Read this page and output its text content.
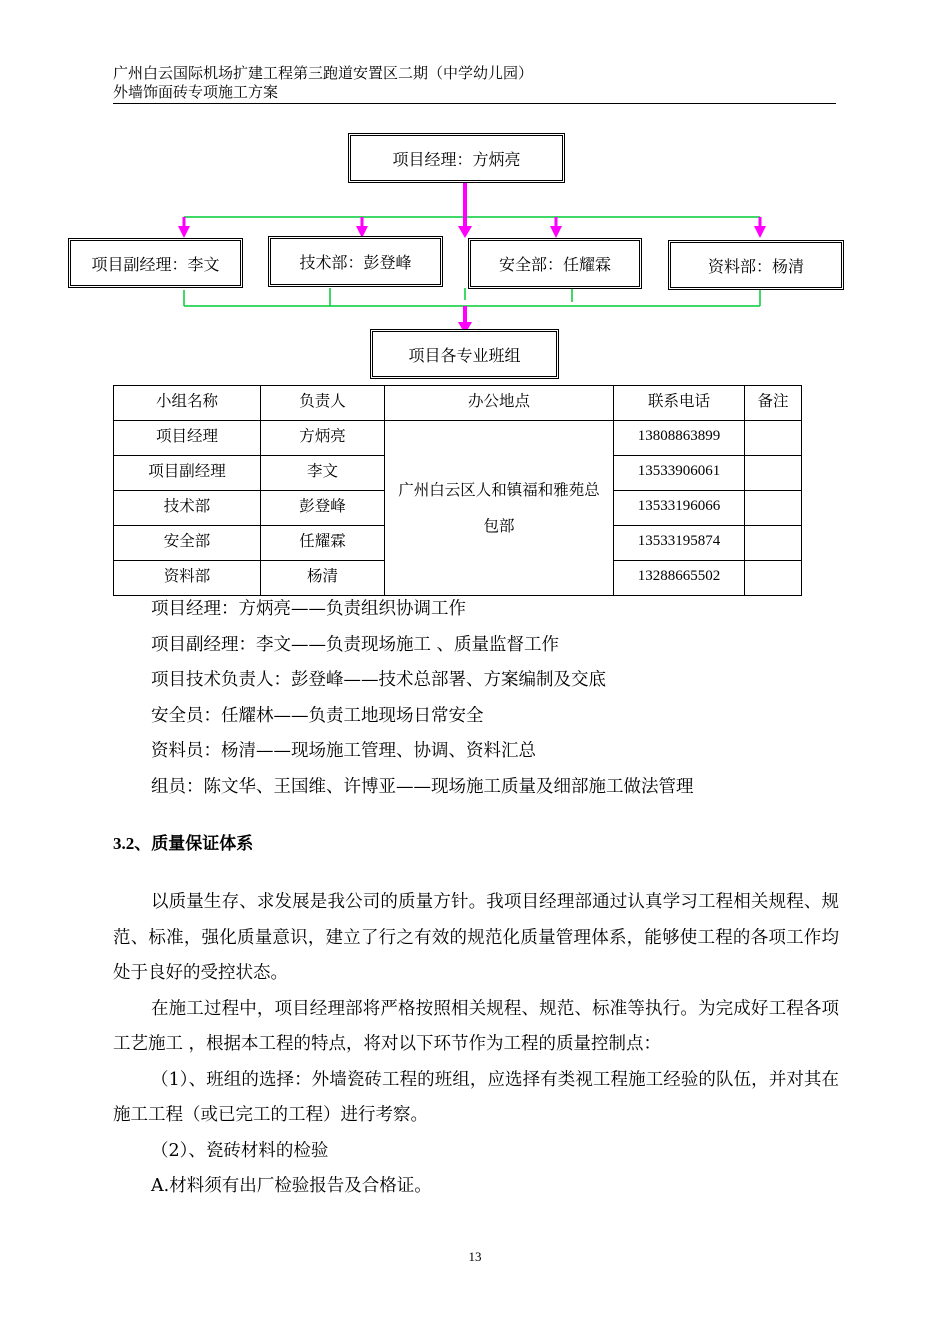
广州白云国际机场扩建工程第三跑道安置区二期（中学幼儿园）
外墙饰面砖专项施工方案
项目经理：方炳亮
项目副经理：李文	技术部：彭登峰	安全部：任耀霖	资料部：杨清
项目各专业班组
小组名称	负责人	办公地点	联系电话	备注
项目经理	方炳亮	广州白云区人和镇福和雅苑总包部	13808863899	
项目副经理	李文		13533906061	
技术部	彭登峰		13533196066	
安全部	任耀霖		13533195874	
资料部	杨清		13288665502	

项目经理：方炳亮——负责组织协调工作

项目副经理：李文——负责现场施工 、质量监督工作

项目技术负责人：彭登峰——技术总部署、方案编制及交底

安全员：任耀林——负责工地现场日常安全

资料员：杨清——现场施工管理、协调、资料汇总

组员：陈文华、王国维、许博亚——现场施工质量及细部施工做法管理

3.2、质量保证体系

以质量生存、求发展是我公司的质量方针。我项目经理部通过认真学习工程相关规程、规范、标准，强化质量意识，建立了行之有效的规范化质量管理体系，能够使工程的各项工作均处于良好的受控状态。

在施工过程中，项目经理部将严格按照相关规程、规范、标准等执行。为完成好工程各项工艺施工 ，根据本工程的特点，将对以下环节作为工程的质量控制点：

（1）、班组的选择：外墙瓷砖工程的班组，应选择有类视工程施工经验的队伍，并对其在施工工程（或已完工的工程）进行考察。

（2）、瓷砖材料的检验

A.材料须有出厂检验报告及合格证。

13
